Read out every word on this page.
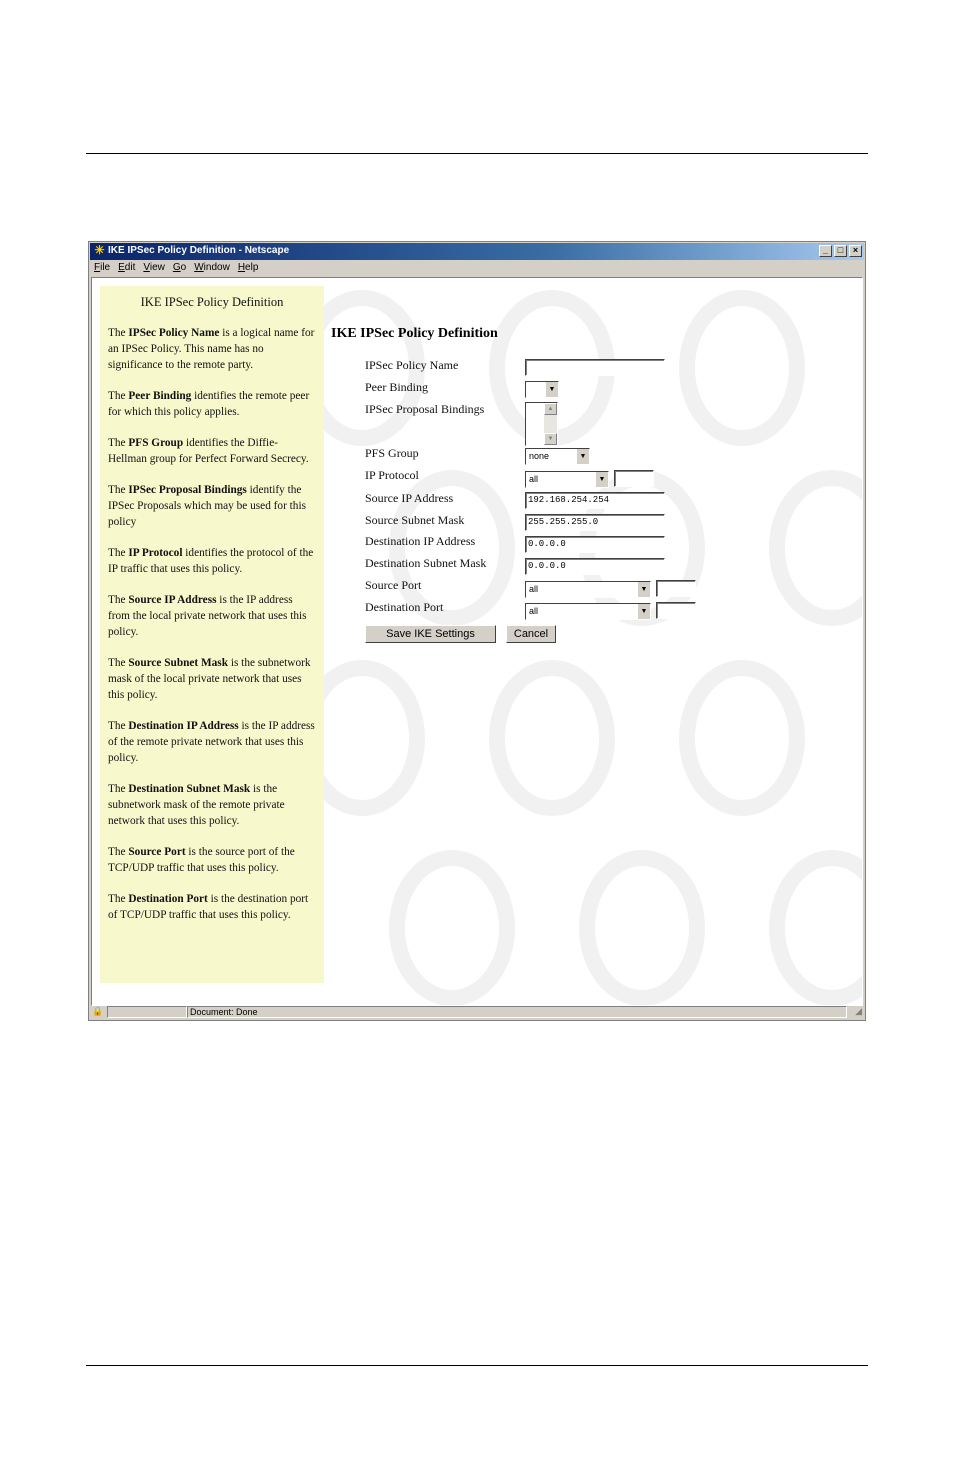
✳ IKE IPSec Policy Definition - Netscape	_	□	×
File Edit View Go Window Help
IKE IPSec Policy Definition

The IPSec Policy Name is a logical name for an IPSec Policy. This name has no significance to the remote party.

The Peer Binding identifies the remote peer for which this policy applies.

The PFS Group identifies the Diffie-Hellman group for Perfect Forward Secrecy.

The IPSec Proposal Bindings identify the IPSec Proposals which may be used for this policy

The IP Protocol identifies the protocol of the IP traffic that uses this policy.

The Source IP Address is the IP address from the local private network that uses this policy.

The Source Subnet Mask is the subnetwork mask of the local private network that uses this policy.

The Destination IP Address is the IP address of the remote private network that uses this policy.

The Destination Subnet Mask is the subnetwork mask of the remote private network that uses this policy.

The Source Port is the source port of the TCP/UDP traffic that uses this policy.

The Destination Port is the destination port of TCP/UDP traffic that uses this policy.

IKE IPSec Policy Definition
IPSec Policy Name
Peer Binding	▼
IPSec Proposal Bindings	▲
▼
PFS Group	none	▼
IP Protocol	all	▼
Source IP Address	192.168.254.254
Source Subnet Mask	255.255.255.0
Destination IP Address	0.0.0.0
Destination Subnet Mask	0.0.0.0
Source Port	all	▼
Destination Port	all	▼
Save IKE Settings	Cancel
🔒	Document: Done	◢
